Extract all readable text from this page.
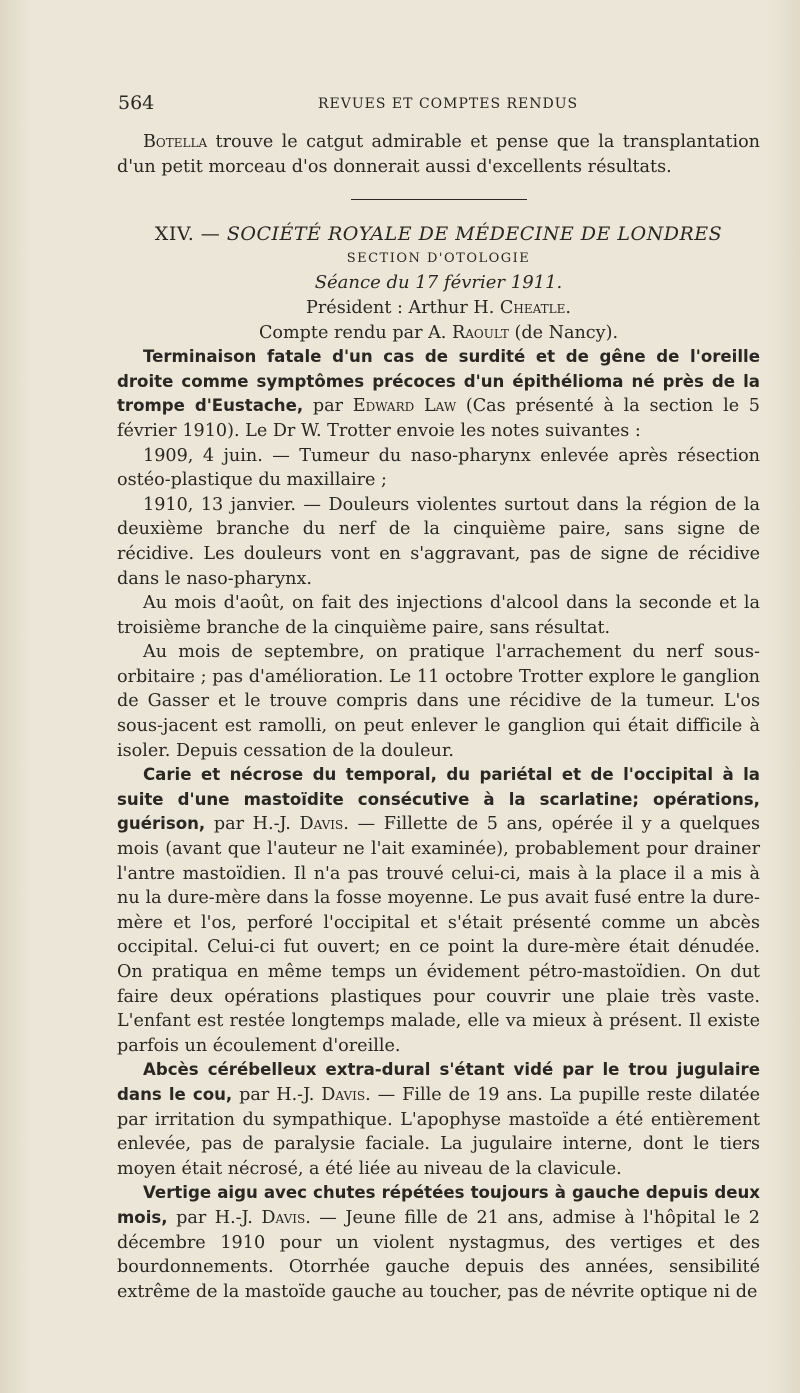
564	REVUES ET COMPTES RENDUS

Botella trouve le catgut admirable et pense que la transplantation d'un petit morceau d'os donnerait aussi d'excellents résultats.

XIV. — SOCIÉTÉ ROYALE DE MÉDECINE DE LONDRES
SECTION D'OTOLOGIE
Séance du 17 février 1911.
Président : Arthur H. Cheatle.
Compte rendu par A. Raoult (de Nancy).

Terminaison fatale d'un cas de surdité et de gêne de l'oreille droite comme symptômes précoces d'un épithélioma né près de la trompe d'Eustache, par Edward Law (Cas présenté à la section le 5 février 1910). Le Dr W. Trotter envoie les notes suivantes :

1909, 4 juin. — Tumeur du naso-pharynx enlevée après résection ostéo-plastique du maxillaire ;

1910, 13 janvier. — Douleurs violentes surtout dans la région de la deuxième branche du nerf de la cinquième paire, sans signe de récidive. Les douleurs vont en s'aggravant, pas de signe de récidive dans le naso-pharynx.

Au mois d'août, on fait des injections d'alcool dans la seconde et la troisième branche de la cinquième paire, sans résultat.

Au mois de septembre, on pratique l'arrachement du nerf sous-orbitaire ; pas d'amélioration. Le 11 octobre Trotter explore le ganglion de Gasser et le trouve compris dans une récidive de la tumeur. L'os sous-jacent est ramolli, on peut enlever le ganglion qui était difficile à isoler. Depuis cessation de la douleur.

Carie et nécrose du temporal, du pariétal et de l'occipital à la suite d'une mastoïdite consécutive à la scarlatine; opérations, guérison, par H.-J. Davis. — Fillette de 5 ans, opérée il y a quelques mois (avant que l'auteur ne l'ait examinée), probablement pour drainer l'antre mastoïdien. Il n'a pas trouvé celui-ci, mais à la place il a mis à nu la dure-mère dans la fosse moyenne. Le pus avait fusé entre la dure-mère et l'os, perforé l'occipital et s'était présenté comme un abcès occipital. Celui-ci fut ouvert; en ce point la dure-mère était dénudée. On pratiqua en même temps un évidement pétro-mastoïdien. On dut faire deux opérations plastiques pour couvrir une plaie très vaste. L'enfant est restée longtemps malade, elle va mieux à présent. Il existe parfois un écoulement d'oreille.

Abcès cérébelleux extra-dural s'étant vidé par le trou jugulaire dans le cou, par H.-J. Davis. — Fille de 19 ans. La pupille reste dilatée par irritation du sympathique. L'apophyse mastoïde a été entièrement enlevée, pas de paralysie faciale. La jugulaire interne, dont le tiers moyen était nécrosé, a été liée au niveau de la clavicule.

Vertige aigu avec chutes répétées toujours à gauche depuis deux mois, par H.-J. Davis. — Jeune fille de 21 ans, admise à l'hôpital le 2 décembre 1910 pour un violent nystagmus, des vertiges et des bourdonnements. Otorrhée gauche depuis des années, sensibilité extrême de la mastoïde gauche au toucher, pas de névrite optique ni de
